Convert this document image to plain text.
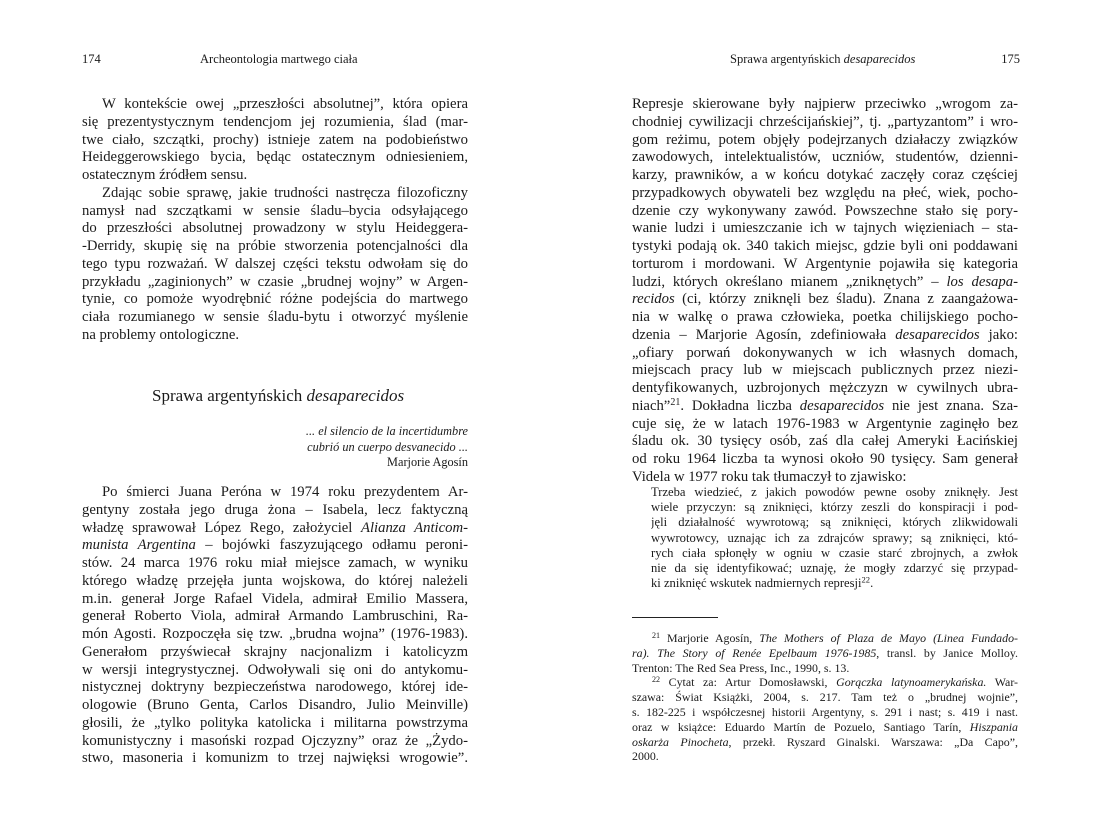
174	Archeontologia martwego ciała
W kontekście owej „przeszłości absolutnej”, która opiera
się prezentystycznym tendencjom jej rozumienia, ślad (mar-
twe ciało, szczątki, prochy) istnieje zatem na podobieństwo
Heideggerowskiego bycia, będąc ostatecznym odniesieniem,
ostatecznym źródłem sensu.
Zdając sobie sprawę, jakie trudności nastręcza filozoficzny
namysł nad szczątkami w sensie śladu–bycia odsyłającego
do przeszłości absolutnej prowadzony w stylu Heideggera-
-Derridy, skupię się na próbie stworzenia potencjalności dla
tego typu rozważań. W dalszej części tekstu odwołam się do
przykładu „zaginionych” w czasie „brudnej wojny” w Argen-
tynie, co pomoże wyodrębnić różne podejścia do martwego
ciała rozumianego w sensie śladu-bytu i otworzyć myślenie
na problemy ontologiczne.
Sprawa argentyńskich desaparecidos
... el silencio de la incertidumbre
cubrió un cuerpo desvanecido ...
Marjorie Agosín
Po śmierci Juana Peróna w 1974 roku prezydentem Ar-
gentyny została jego druga żona – Isabela, lecz faktyczną
władzę sprawował López Rego, założyciel Alianza Anticom-
munista Argentina – bojówki faszyzującego odłamu peroni-
stów. 24 marca 1976 roku miał miejsce zamach, w wyniku
którego władzę przejęła junta wojskowa, do której należeli
m.in. generał Jorge Rafael Videla, admirał Emilio Massera,
generał Roberto Viola, admirał Armando Lambruschini, Ra-
món Agosti. Rozpoczęła się tzw. „brudna wojna” (1976-1983).
Generałom przyświecał skrajny nacjonalizm i katolicyzm
w wersji integrystycznej. Odwoływali się oni do antykomu-
nistycznej doktryny bezpieczeństwa narodowego, której ide-
ologowie (Bruno Genta, Carlos Disandro, Julio Meinville)
głosili, że „tylko polityka katolicka i militarna powstrzyma
komunistyczny i masoński rozpad Ojczyzny” oraz że „Żydo-
stwo, masoneria i komunizm to trzej najwięksi wrogowie”.
Sprawa argentyńskich desaparecidos	175
Represje skierowane były najpierw przeciwko „wrogom za-
chodniej cywilizacji chrześcijańskiej”, tj. „partyzantom” i wro-
gom reżimu, potem objęły podejrzanych działaczy związków
zawodowych, intelektualistów, uczniów, studentów, dzienni-
karzy, prawników, a w końcu dotykać zaczęły coraz częściej
przypadkowych obywateli bez względu na płeć, wiek, pocho-
dzenie czy wykonywany zawód. Powszechne stało się pory-
wanie ludzi i umieszczanie ich w tajnych więzieniach – sta-
tystyki podają ok. 340 takich miejsc, gdzie byli oni poddawani
torturom i mordowani. W Argentynie pojawiła się kategoria
ludzi, których określano mianem „zniknętych” – los desapa-
recidos (ci, którzy zniknęli bez śladu). Znana z zaangażowa-
nia w walkę o prawa człowieka, poetka chilijskiego pocho-
dzenia – Marjorie Agosín, zdefiniowała desaparecidos jako:
„ofiary porwań dokonywanych w ich własnych domach,
miejscach pracy lub w miejscach publicznych przez niezi-
dentyfikowanych, uzbrojonych mężczyzn w cywilnych ubra-
niach”$^{21}$. Dokładna liczba desaparecidos nie jest znana. Sza-
cuje się, że w latach 1976-1983 w Argentynie zaginęło bez
śladu ok. 30 tysięcy osób, zaś dla całej Ameryki Łacińskiej
od roku 1964 liczba ta wynosi około 90 tysięcy. Sam generał
Videla w 1977 roku tak tłumaczył to zjawisko:
Trzeba wiedzieć, z jakich powodów pewne osoby zniknęły. Jest
wiele przyczyn: są zniknięci, którzy zeszli do konspiracji i pod-
jęli działalność wywrotową; są zniknięci, których zlikwidowali
wywrotowcy, uznając ich za zdrajców sprawy; są zniknięci, któ-
rych ciała spłonęły w ogniu w czasie starć zbrojnych, a zwłok
nie da się identyfikować; uznaję, że mogły zdarzyć się przypad-
ki zniknięć wskutek nadmiernych represji$^{22}$.
$^{21}$ Marjorie Agosín, The Mothers of Plaza de Mayo (Linea Fundado-
ra). The Story of Renée Epelbaum 1976-1985, transl. by Janice Molloy.
Trenton: The Red Sea Press, Inc., 1990, s. 13.
$^{22}$ Cytat za: Artur Domosławski, Gorączka latynoamerykańska. War-
szawa: Świat Książki, 2004, s. 217. Tam też o „brudnej wojnie”,
s. 182-225 i współczesnej historii Argentyny, s. 291 i nast; s. 419 i nast.
oraz w książce: Eduardo Martín de Pozuelo, Santiago Tarín, Hiszpania
oskarża Pinocheta, przekł. Ryszard Ginalski. Warszawa: „Da Capo”,
2000.
